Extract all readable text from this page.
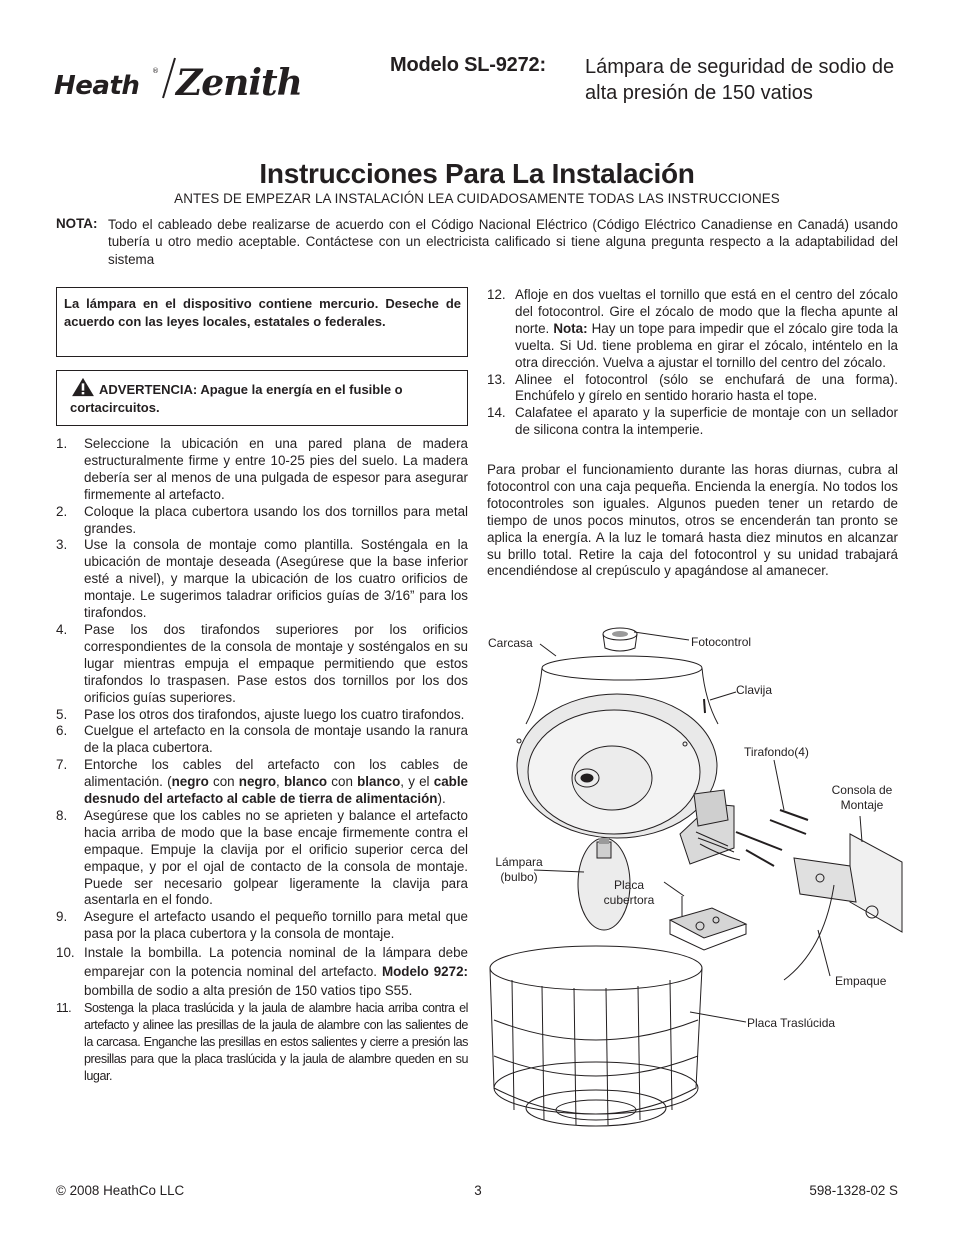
Heath ® Zenith	Modelo SL-9272: Lámpara de seguridad de sodio de alta presión de 150 vatios
Instrucciones Para La Instalación
ANTES DE EMPEZAR LA INSTALACIÓN LEA CUIDADOSAMENTE TODAS LAS INSTRUCCIONES
NOTA: Todo el cableado debe realizarse de acuerdo con el Código Nacional Eléctrico (Código Eléctrico Canadiense en Canadá) usando tubería u otro medio aceptable. Contáctese con un electricista calificado si tiene alguna pregunta respecto a la adaptabilidad del sistema
La lámpara en el dispositivo contiene mercurio. Deseche de acuerdo con las leyes locales, estatales o federales.
ADVERTENCIA: Apague la energía en el fusible o cortacircuitos.
1. Seleccione la ubicación en una pared plana de madera estructuralmente firme y entre 10-25 pies del suelo. La madera debería ser al menos de una pulgada de espesor para asegurar firmemente al artefacto.
2. Coloque la placa cubertora usando los dos tornillos para metal grandes.
3. Use la consola de montaje como plantilla. Sosténgala en la ubicación de montaje deseada (Asegúrese que la base inferior esté a nivel), y marque la ubicación de los cuatro orificios de montaje. Le sugerimos taladrar orificios guías de 3/16” para los tirafondos.
4. Pase los dos tirafondos superiores por los orificios correspondientes de la consola de montaje y sosténgalos en su lugar mientras empuja el empaque permitiendo que estos tirafondos lo traspasen. Pase estos dos tornillos por los dos orificios guías superiores.
5. Pase los otros dos tirafondos, ajuste luego los cuatro tirafondos.
6. Cuelgue el artefacto en la consola de montaje usando la ranura de la placa cubertora.
7. Entorche los cables del artefacto con los cables de alimentación. (negro con negro, blanco con blanco, y el cable desnudo del artefacto al cable de tierra de alimentación).
8. Asegúrese que los cables no se aprieten y balance el artefacto hacia arriba de modo que la base encaje firmemente contra el empaque. Empuje la clavija por el orificio superior cerca del empaque, y por el ojal de contacto de la consola de montaje. Puede ser necesario golpear ligeramente la clavija para asentarla en el fondo.
9. Asegure el artefacto usando el pequeño tornillo para metal que pasa por la placa cubertora y la consola de montaje.
10. Instale la bombilla. La potencia nominal de la lámpara debe emparejar con la potencia nominal del artefacto. Modelo 9272: bombilla de sodio a alta presión de 150 vatios tipo S55.
11. Sostenga la placa traslúcida y la jaula de alambre hacia arriba contra el artefacto y alinee las presillas de la jaula de alambre con las salientes de la carcasa. Enganche las presillas en estos salientes y cierre a presión las presillas para que la placa traslúcida y la jaula de alambre queden en su lugar.
12. Afloje en dos vueltas el tornillo que está en el centro del zócalo del fotocontrol. Gire el zócalo de modo que la flecha apunte al norte. Nota: Hay un tope para impedir que el zócalo gire toda la vuelta. Si Ud. tiene problema en girar el zócalo, inténtelo en la otra dirección. Vuelva a ajustar el tornillo del centro del zócalo.
13. Alinee el fotocontrol (sólo se enchufará de una forma). Enchúfelo y gírelo en sentido horario hasta el tope.
14. Calafatee el aparato y la superficie de montaje con un sellador de silicona contra la intemperie.
Para probar el funcionamiento durante las horas diurnas, cubra al fotocontrol con una caja pequeña. Encienda la energía. No todos los fotocontroles son iguales. Algunos pueden tener un retardo de tiempo de unos pocos minutos, otros se encenderán tan pronto se aplica la energía. A la luz le tomará hasta diez minutos en alcanzar su brillo total. Retire la caja del fotocontrol y su unidad trabajará encendiéndose al crepúsculo y apagándose al amanecer.
Carcasa	Fotocontrol
Clavija
Tirafondo(4)
Consola de Montaje
Lámpara (bulbo)
Placa cubertora
Empaque
Placa Traslúcida
© 2008 HeathCo LLC	3	598-1328-02 S
